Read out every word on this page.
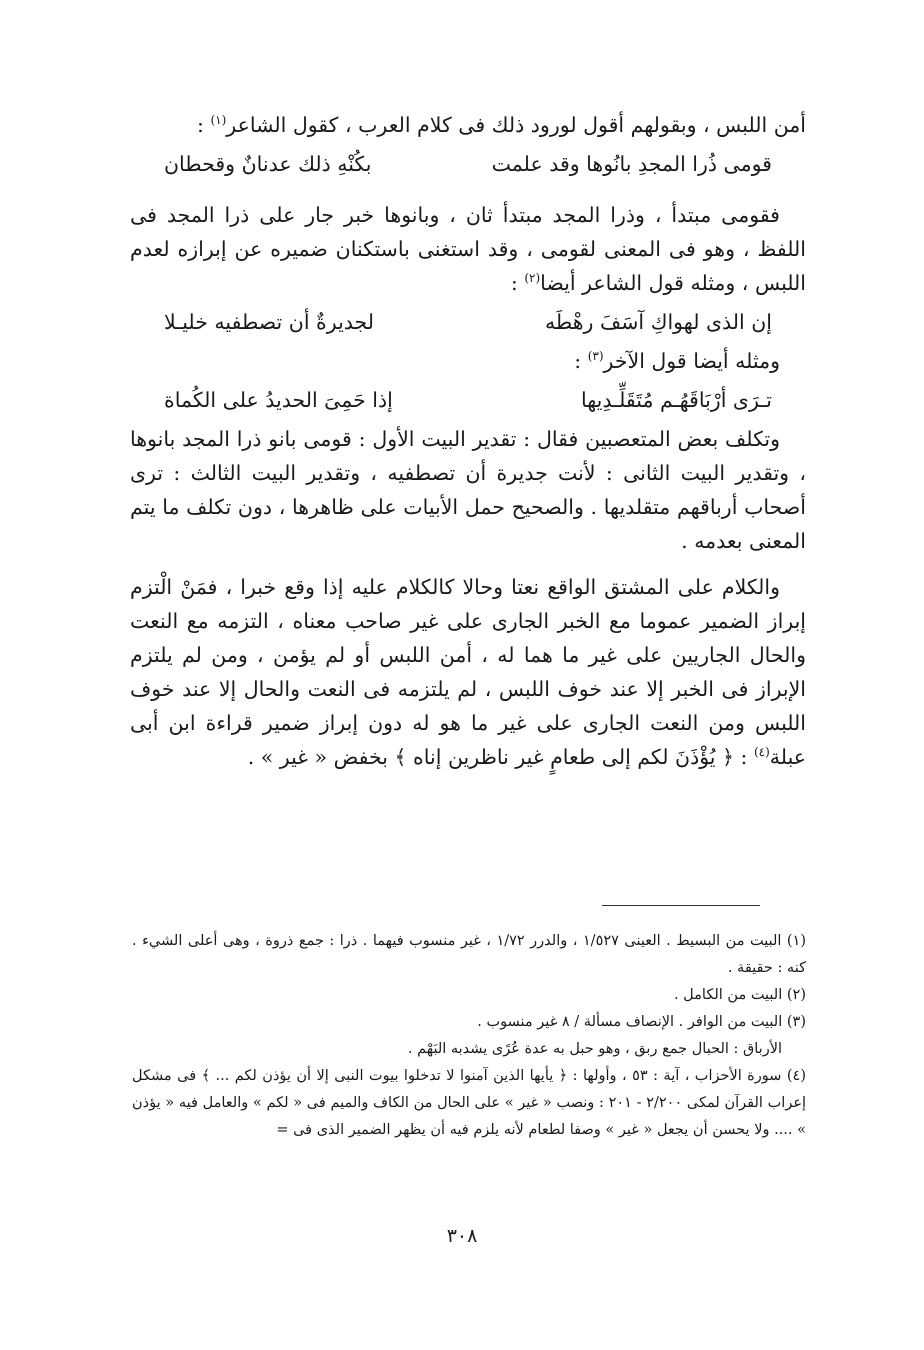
أمن اللبس ، وبقولهم أقول لورود ذلك فى كلام العرب ، كقول الشاعر$^{(١)}$ :

قومى ذُرا المجدِ بانُوها وقد علمت
بكُنْهِ ذلك عدنانٌ وقحطان

فقومى مبتدأ ، وذرا المجد مبتدأ ثان ، وبانوها خبر جار على ذرا المجد فى اللفظ ، وهو فى المعنى لقومى ، وقد استغنى باستكنان ضميره عن إبرازه لعدم اللبس ، ومثله قول الشاعر أيضا$^{(٢)}$ :

إن الذى لهواكِ آسَفَ رهْطَه
لجديرةٌ أن تصطفيه خليـلا

ومثله أيضا قول الآخر$^{(٣)}$ :

تـرَى أرْبَاقَهُـم مُتَقَلِّـدِيها
إذا حَمِىَ الحديدُ على الكُماة

وتكلف بعض المتعصبين فقال : تقدير البيت الأول : قومى بانو ذرا المجد بانوها ، وتقدير البيت الثانى : لأنت جديرة أن تصطفيه ، وتقدير البيت الثالث : ترى أصحاب أرباقهم متقلديها . والصحيح حمل الأبيات على ظاهرها ، دون تكلف ما يتم المعنى بعدمه .

والكلام على المشتق الواقع نعتا وحالا كالكلام عليه إذا وقع خبرا ، فمَنْ الْتزم إبراز الضمير عموما مع الخبر الجارى على غير صاحب معناه ، التزمه مع النعت والحال الجاريين على غير ما هما له ، أمن اللبس أو لم يؤمن ، ومن لم يلتزم الإبراز فى الخبر إلا عند خوف اللبس ، لم يلتزمه فى النعت والحال إلا عند خوف اللبس ومن النعت الجارى على غير ما هو له دون إبراز ضمير قراءة ابن أبى عبلة$^{(٤)}$ : ﴿ يُؤْذَنَ لكم إلى طعامٍ غير ناظرين إناه ﴾ بخفض « غير » .

(١) البيت من البسيط . العينى ١/٥٢٧ ، والدرر ١/٧٢ ، غير منسوب فيهما . ذرا : جمع ذروة ، وهى أعلى الشيء . كنه : حقيقة .

(٢) البيت من الكامل .

(٣) البيت من الوافر . الإنصاف مسألة / ٨ غير منسوب .

الأرباق : الحبال جمع ربق ، وهو حبل به عدة عُرًى يشدبه البَهْم .

(٤) سورة الأحزاب ، آية : ٥٣ ، وأولها : ﴿ يأيها الذين آمنوا لا تدخلوا بيوت النبى إلا أن يؤذن لكم ... ﴾ فى مشكل إعراب القرآن لمكى ٢/٢٠٠ - ٢٠١ : ونصب « غير » على الحال من الكاف والميم فى « لكم » والعامل فيه « يؤذن » .... ولا يحسن أن يجعل « غير » وصفا لطعام لأنه يلزم فيه أن يظهر الضمير الذى فى =

٣٠٨
